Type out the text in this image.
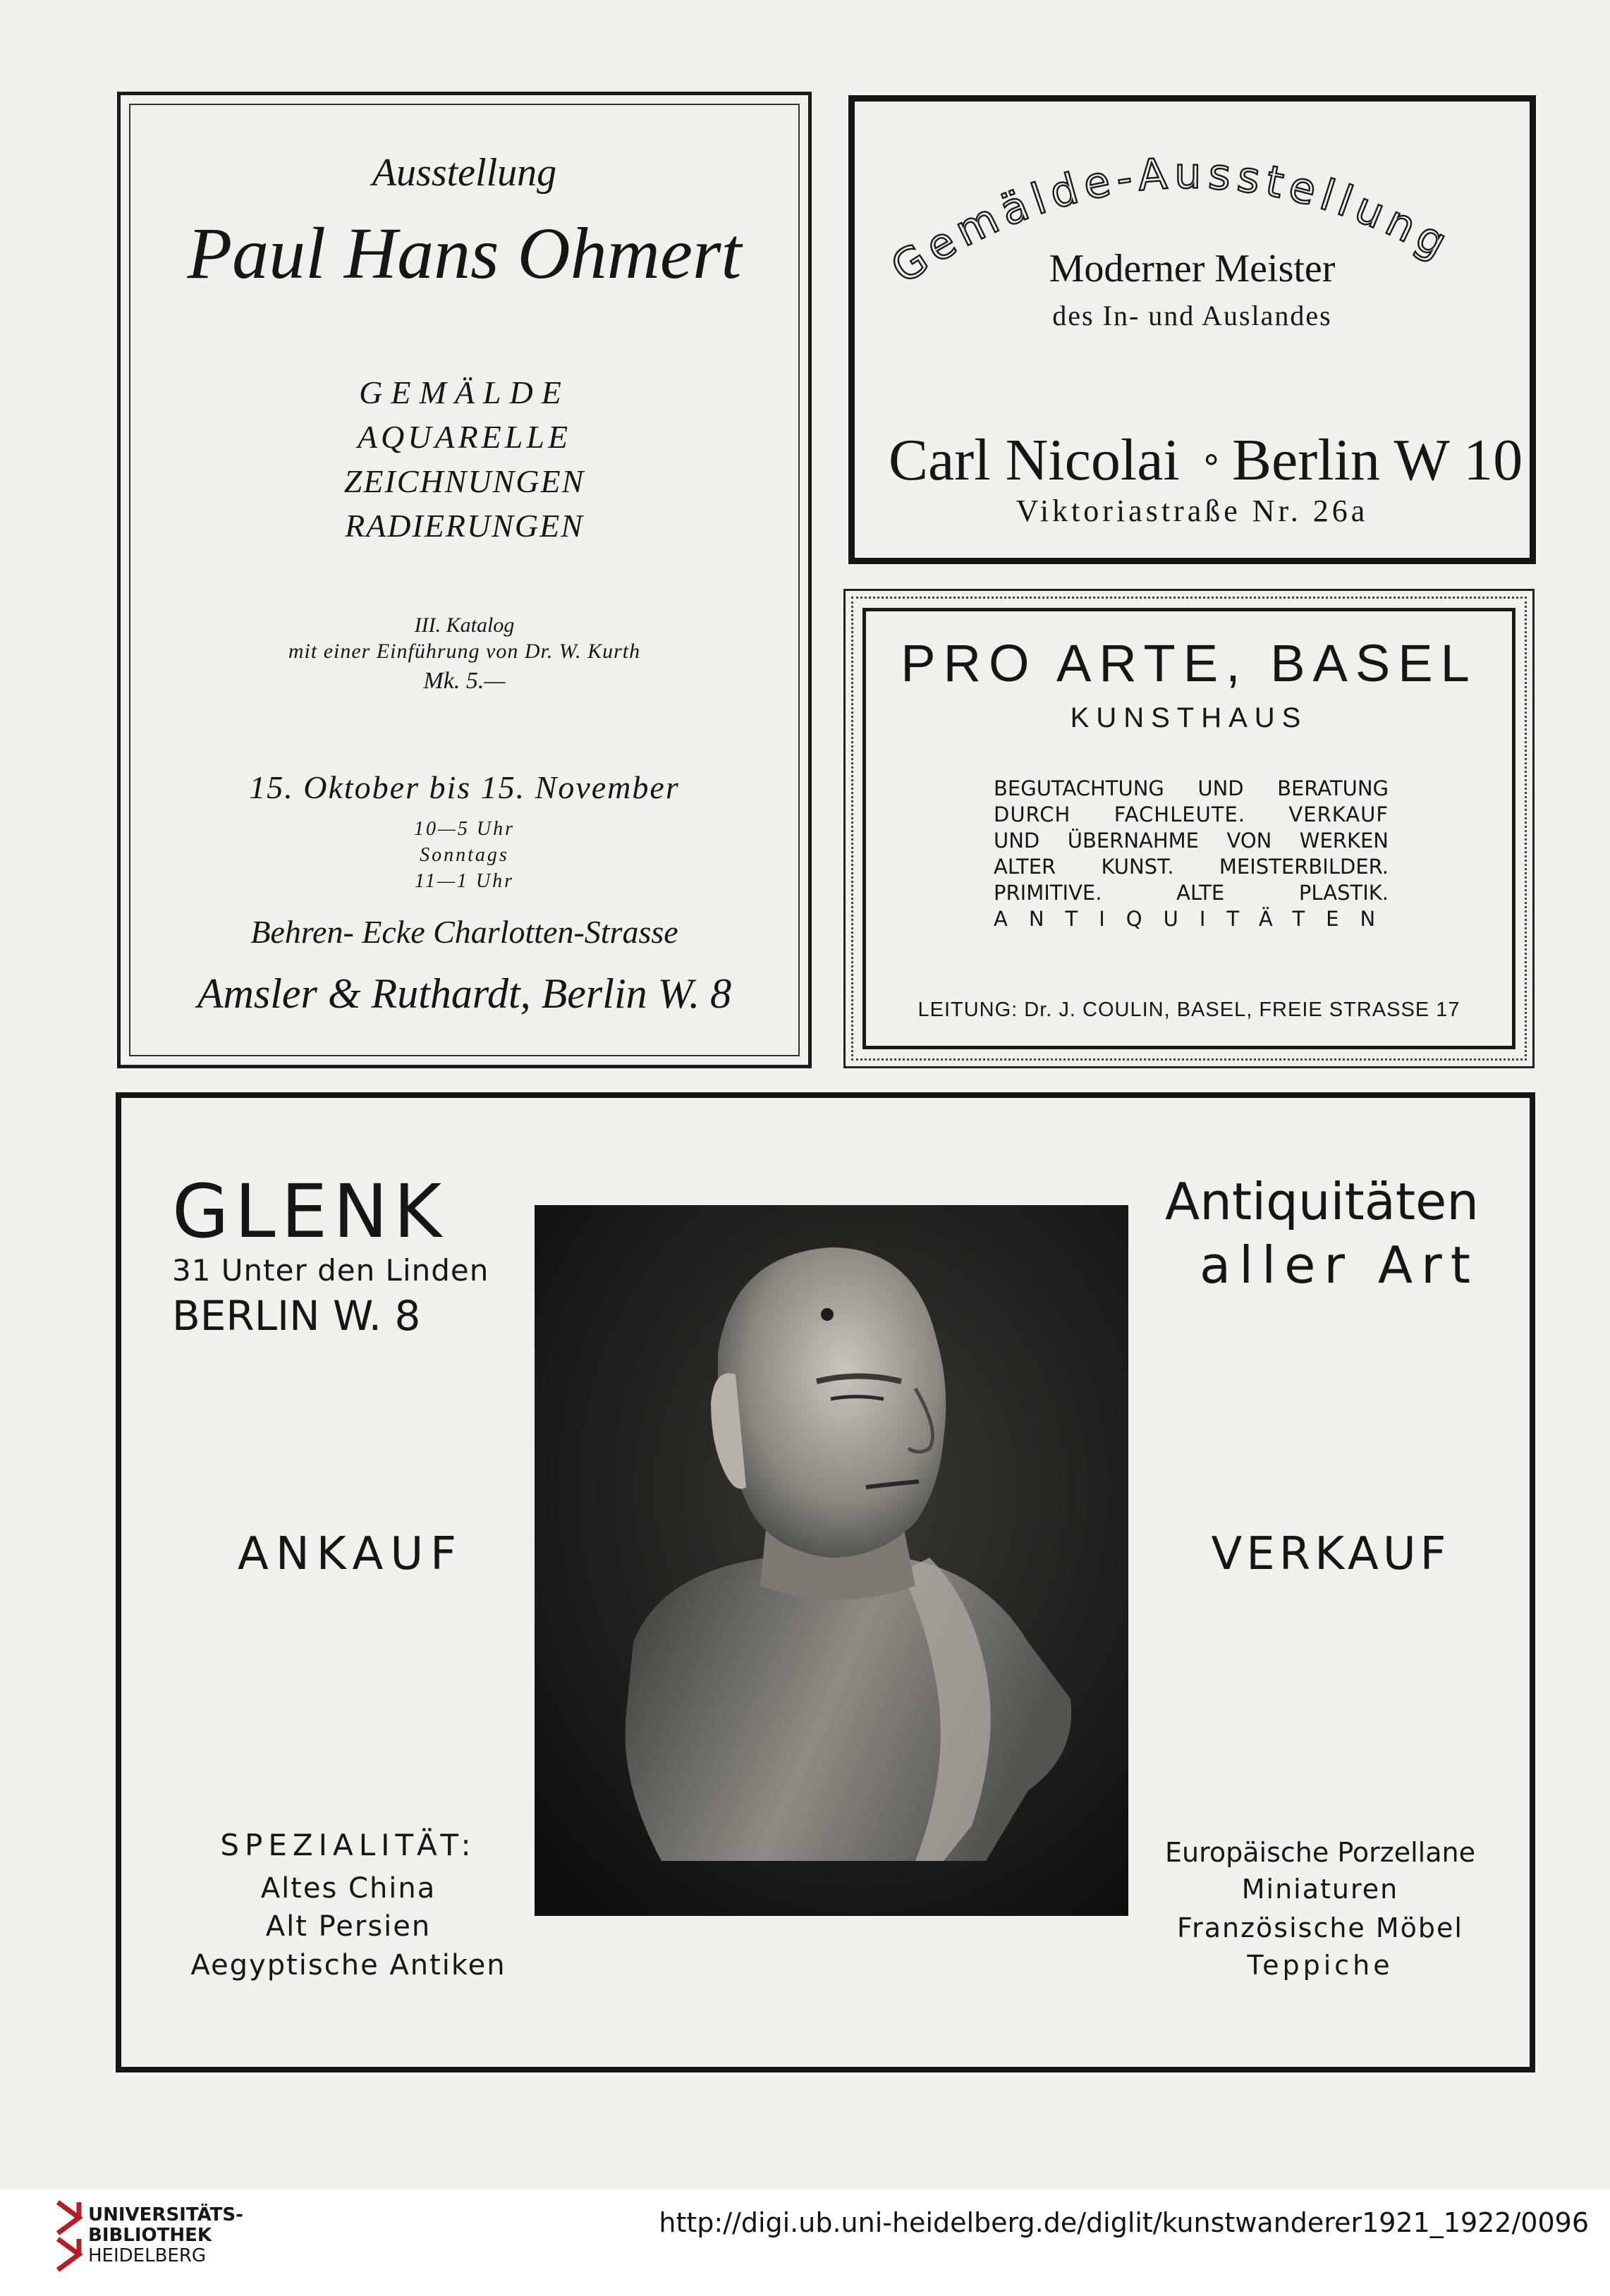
Ausstellung
Paul Hans Ohmert
GEMÄLDE
AQUARELLE
ZEICHNUNGEN
RADIERUNGEN
III. Katalog
mit einer Einführung von Dr. W. Kurth
Mk. 5.—
15. Oktober bis 15. November
10—5 Uhr
Sonntags
11—1 Uhr
Behren- Ecke Charlotten-Strasse
Amsler & Ruthardt, Berlin W. 8
Gemälde-Ausstellung
Moderner Meister
des In- und Auslandes
Carl Nicolai ∘ Berlin W 10
Viktoriastraße Nr. 26a
PRO ARTE, BASEL
KUNSTHAUS
BEGUTACHTUNG UND BERATUNG
DURCH FACHLEUTE. VERKAUF
UND ÜBERNAHME VON WERKEN
ALTER KUNST. MEISTERBILDER.
PRIMITIVE. ALTE PLASTIK.
ANTIQUITÄTEN
LEITUNG: Dr. J. COULIN, BASEL, FREIE STRASSE 17
GLENK
31 Unter den Linden
BERLIN W. 8
Antiquitäten
aller Art
ANKAUF	VERKAUF
SPEZIALITÄT:
Altes China
Alt Persien
Aegyptische Antiken
Europäische Porzellane
Miniaturen
Französische Möbel
Teppiche
UNIVERSITÄTS-
BIBLIOTHEK
HEIDELBERG
http://digi.ub.uni-heidelberg.de/diglit/kunstwanderer1921_1922/0096
